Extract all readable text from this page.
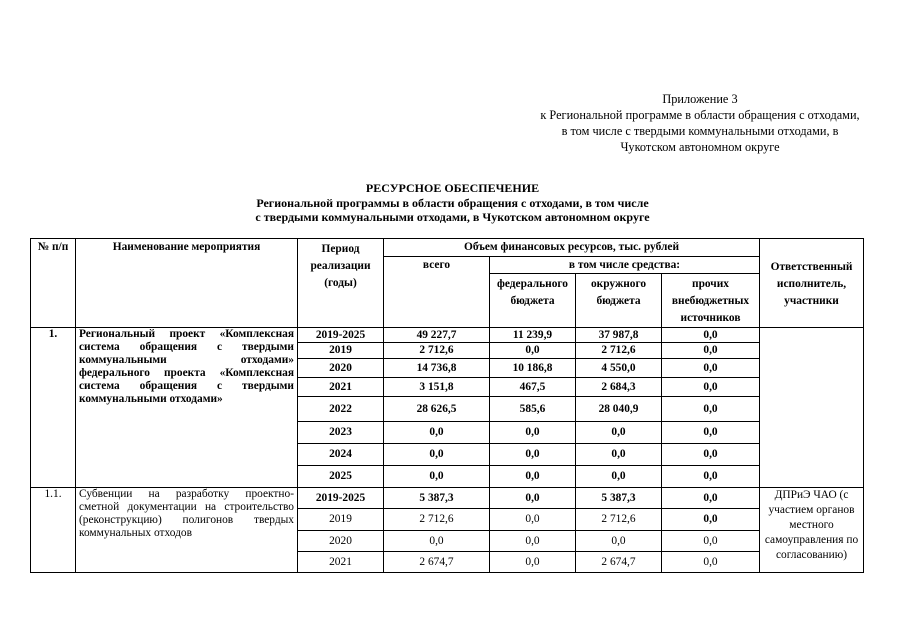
Приложение 3
к Региональной программе в области обращения с отходами,
в том числе с твердыми коммунальными отходами, в
Чукотском автономном округе
РЕСУРСНОЕ ОБЕСПЕЧЕНИЕ
Региональной программы в области обращения с отходами, в том числе
с твердыми коммунальными отходами, в Чукотском автономном округе
№ п/п	Наименование мероприятия	Период реализации (годы)	Объем финансовых ресурсов, тыс. рублей				Ответственный исполнитель, участники
			всего	в том числе средства:			
				федерального бюджета	окружного бюджета	прочих внебюджетных источников	
1.	Региональный проект «Комплексная система обращения с твердыми коммунальными отходами» федерального проекта «Комплексная система обращения с твердыми коммунальными отходами»	2019-2025	49 227,7	11 239,9	37 987,8	0,0	
		2019	2 712,6	0,0	2 712,6	0,0	
		2020	14 736,8	10 186,8	4 550,0	0,0	
		2021	3 151,8	467,5	2 684,3	0,0	
		2022	28 626,5	585,6	28 040,9	0,0	
		2023	0,0	0,0	0,0	0,0	
		2024	0,0	0,0	0,0	0,0	
		2025	0,0	0,0	0,0	0,0	
1.1.	Субвенции на разработку проектно-сметной документации на строительство (реконструкцию) полигонов твердых коммунальных отходов	2019-2025	5 387,3	0,0	5 387,3	0,0	ДПРиЭ ЧАО (с участием органов местного самоуправления по согласованию)
		2019	2 712,6	0,0	2 712,6	0,0	
		2020	0,0	0,0	0,0	0,0	
		2021	2 674,7	0,0	2 674,7	0,0	
